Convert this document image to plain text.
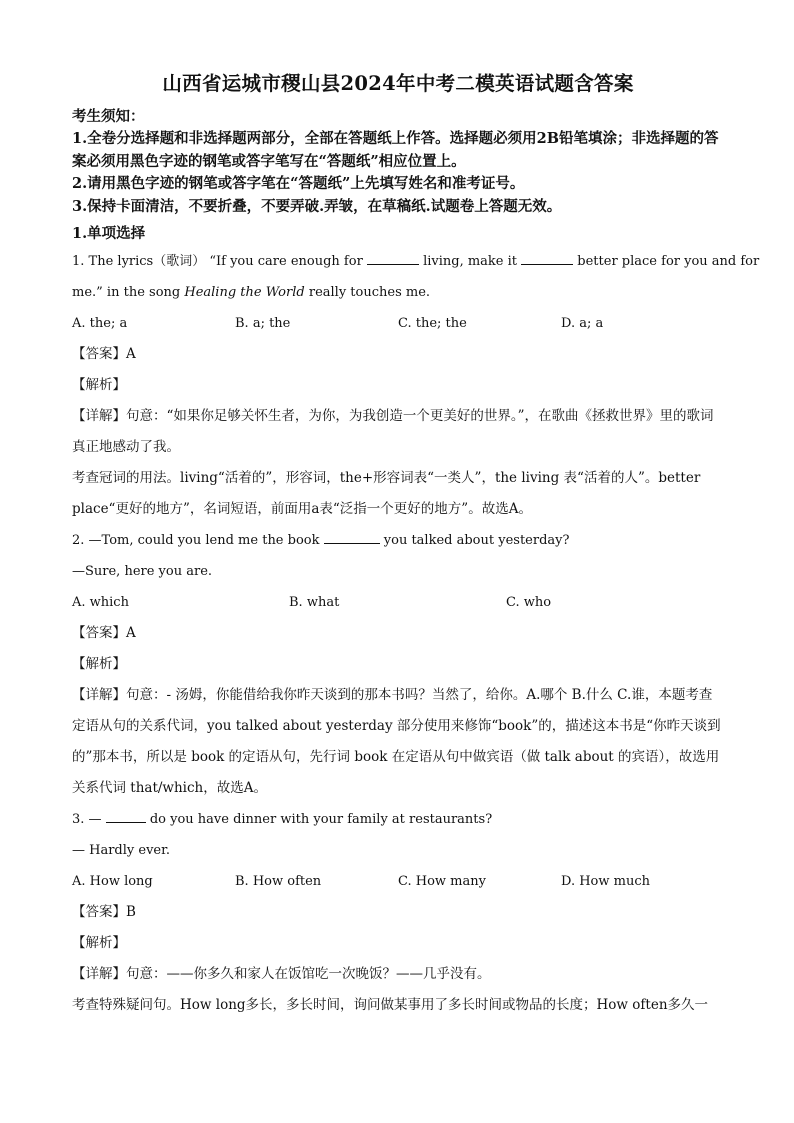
山西省运城市稷山县2024年中考二模英语试题含答案
考生须知：
1.全卷分选择题和非选择题两部分，全部在答题纸上作答。选择题必须用2B铅笔填涂；非选择题的答案必须用黑色字迹的钢笔或答字笔写在“答题纸”相应位置上。
2.请用黑色字迹的钢笔或答字笔在“答题纸”上先填写姓名和准考证号。
3.保持卡面清洁，不要折叠，不要弄破.弄皱，在草稿纸.试题卷上答题无效。
1.单项选择
1. The lyrics（歌词） “If you care enough for	living, make it	better place for you and for
me.” in the song Healing the World really touches me.
A. the; a	B. a; the	C. the; the	D. a; a
【答案】A
【解析】
【详解】句意：“如果你足够关怀生者，为你，为我创造一个更美好的世界。”，在歌曲《拯救世界》里的歌词真正地感动了我。
考查冠词的用法。living“活着的”，形容词，the+形容词表“一类人”，the living 表“活着的人”。better place“更好的地方”，名词短语，前面用a表“泛指一个更好的地方”。故选A。
2. —Tom, could you lend me the book	you talked about yesterday?
—Sure, here you are.
A. which	B. what	C. who
【答案】A
【解析】
【详解】句意：- 汤姆，你能借给我你昨天谈到的那本书吗？当然了，给你。A.哪个 B.什么 C.谁，本题考查定语从句的关系代词，you talked about yesterday 部分使用来修饰“book”的，描述这本书是“你昨天谈到的”那本书，所以是 book 的定语从句，先行词 book 在定语从句中做宾语（做 talk about 的宾语），故选用关系代词 that/which，故选A。
3. —	do you have dinner with your family at restaurants?
— Hardly ever.
A. How long	B. How often	C. How many	D. How much
【答案】B
【解析】
【详解】句意：——你多久和家人在饭馆吃一次晚饭？——几乎没有。
考查特殊疑问句。How long多长，多长时间，询问做某事用了多长时间或物品的长度；How often多久一
